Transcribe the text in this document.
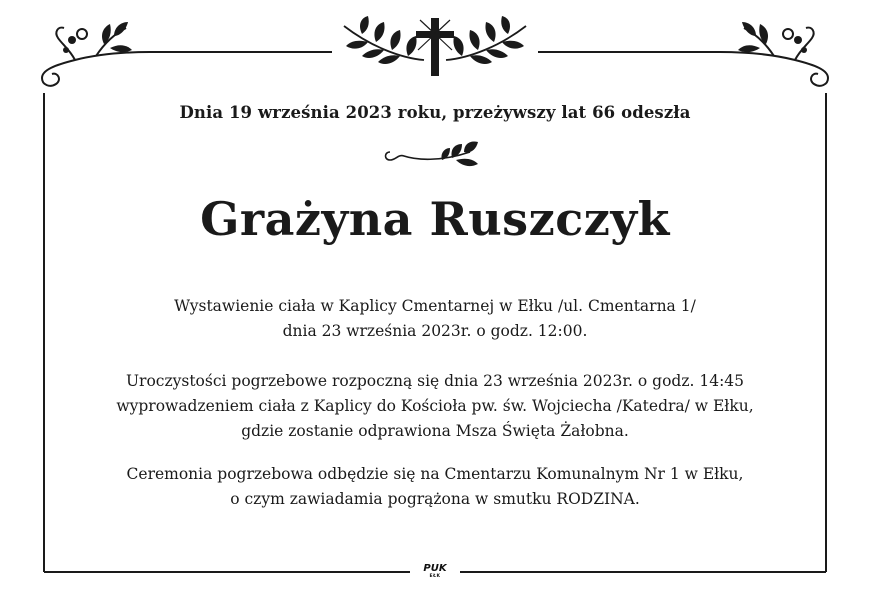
Dnia 19 września 2023 roku, przeżywszy lat 66 odeszła
Grażyna Ruszczyk
Wystawienie ciała w Kaplicy Cmentarnej w Ełku /ul. Cmentarna 1/
dnia 23 września 2023r. o godz. 12:00.
Uroczystości pogrzebowe rozpoczną się dnia 23 września 2023r. o godz. 14:45
wyprowadzeniem ciała z Kaplicy do Kościoła pw. św. Wojciecha /Katedra/ w Ełku,
gdzie zostanie odprawiona Msza Święta Żałobna.
Ceremonia pogrzebowa odbędzie się na Cmentarzu Komunalnym Nr 1 w Ełku,
o czym zawiadamia pogrążona w smutku RODZINA.
PUK
EŁK
